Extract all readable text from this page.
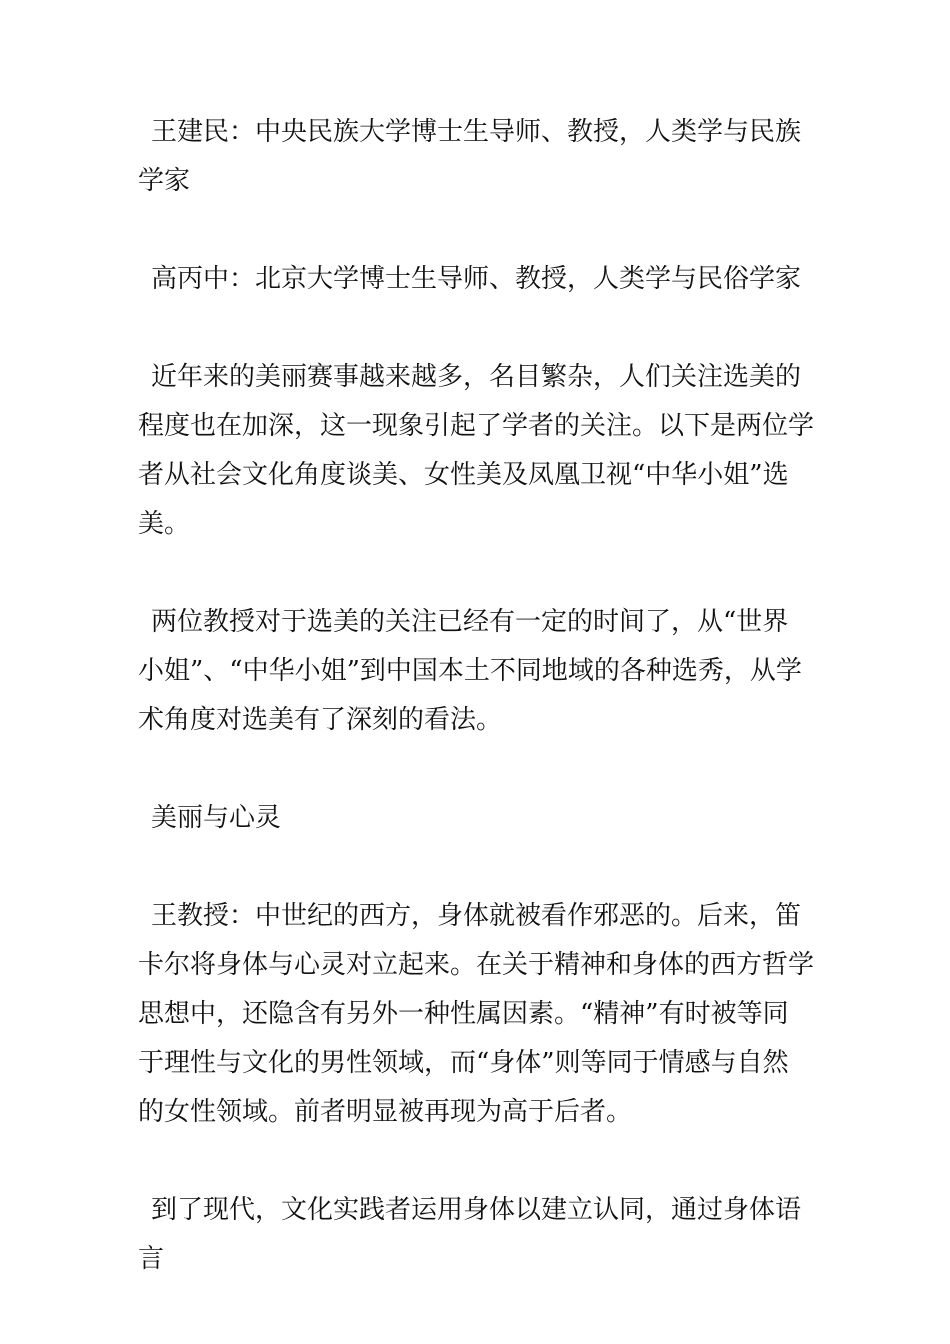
王建民：中央民族大学博士生导师、教授，人类学与民族学家

高丙中：北京大学博士生导师、教授，人类学与民俗学家

近年来的美丽赛事越来越多，名目繁杂，人们关注选美的程度也在加深，这一现象引起了学者的关注。以下是两位学者从社会文化角度谈美、女性美及凤凰卫视“中华小姐”选美。

两位教授对于选美的关注已经有一定的时间了，从“世界小姐”、“中华小姐”到中国本土不同地域的各种选秀，从学术角度对选美有了深刻的看法。

美丽与心灵

王教授：中世纪的西方，身体就被看作邪恶的。后来，笛卡尔将身体与心灵对立起来。在关于精神和身体的西方哲学思想中，还隐含有另外一种性属因素。“精神”有时被等同于理性与文化的男性领域，而“身体”则等同于情感与自然的女性领域。前者明显被再现为高于后者。

到了现代，文化实践者运用身体以建立认同，通过身体语言
